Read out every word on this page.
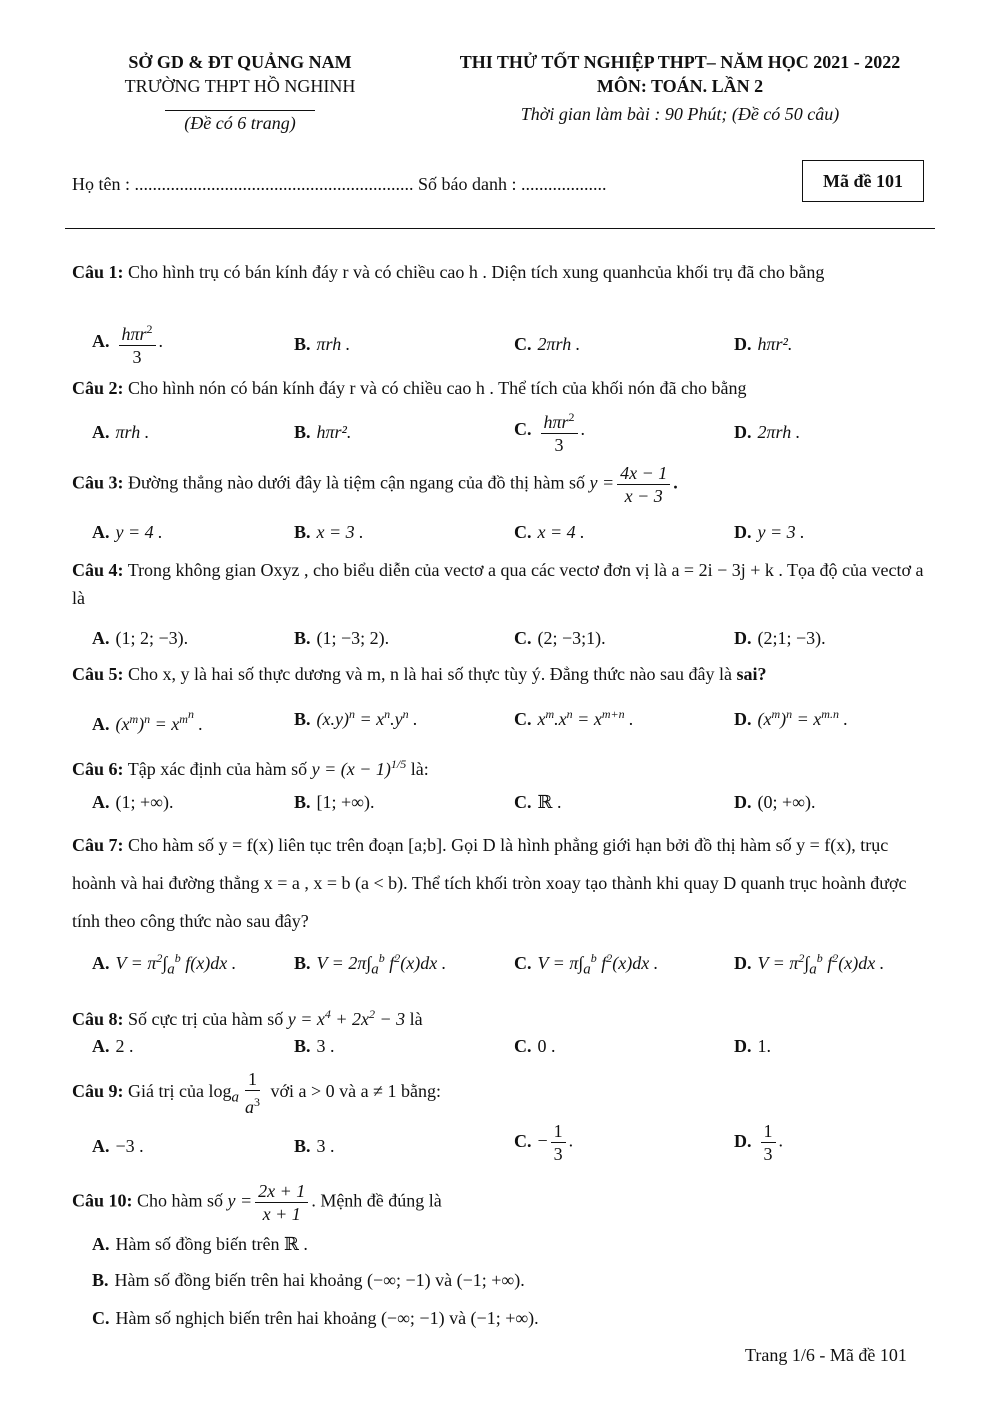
SỞ GD & ĐT QUẢNG NAM
TRƯỜNG THPT HỒ NGHINH
(Đề có 6 trang)
THI THỬ TỐT NGHIỆP THPT– NĂM HỌC 2021 - 2022
MÔN: TOÁN. LẦN 2
Thời gian làm bài : 90 Phút; (Đề có 50 câu)
Họ tên : .............................................................. Số báo danh : ...................	Mã đề 101
Câu 1: Cho hình trụ có bán kính đáy r và có chiều cao h . Diện tích xung quanhcủa khối trụ đã cho bằng
A. $\frac{h\pi r^2}{3}$ .	B. πrh .	C. 2πrh .	D. hπr².
Câu 2: Cho hình nón có bán kính đáy r và có chiều cao h . Thể tích của khối nón đã cho bằng
A. πrh .	B. hπr².	C. $\frac{h\pi r^2}{3}$ .	D. 2πrh .
Câu 3: Đường thẳng nào dưới đây là tiệm cận ngang của đồ thị hàm số $y = \frac{4x - 1}{x - 3}$ .
A. y = 4 .	B. x = 3 .	C. x = 4 .	D. y = 3 .
Câu 4: Trong không gian Oxyz , cho biểu diễn của vectơ a qua các vectơ đơn vị là a = 2i − 3j + k . Tọa độ của vectơ a là
A. (1; 2; −3).	B. (1; −3; 2).	C. (2; −3;1).	D. (2;1; −3).
Câu 5: Cho x, y là hai số thực dương và m, n là hai số thực tùy ý. Đẳng thức nào sau đây là sai?
A. $(x^m)^n = x^{m^n}$ .	B. $(x.y)^n = x^n.y^n$ .	C. $x^m.x^n = x^{m+n}$ .	D. $(x^m)^n = x^{m.n}$ .
Câu 6: Tập xác định của hàm số $y = (x - 1)^{1/5}$ là:
A. (1; +∞).	B. [1; +∞).	C. ℝ .	D. (0; +∞).
Câu 7: Cho hàm số y = f(x) liên tục trên đoạn [a;b]. Gọi D là hình phẳng giới hạn bởi đồ thị hàm số y = f(x), trục hoành và hai đường thẳng x = a , x = b (a < b). Thể tích khối tròn xoay tạo thành khi quay D quanh trục hoành được tính theo công thức nào sau đây?
A. $V = \pi^2\int_a^b$ f(x)dx .	B. $V = 2\pi\int_a^b$ $f^2(x)dx$ .	C. $V = \pi\int_a^b$ $f^2(x)dx$ .	D. $V = \pi^2\int_a^b$ $f^2(x)dx$ .
Câu 8: Số cực trị của hàm số $y = x^4 + 2x^2 - 3$ là
A. 2 .	B. 3 .	C. 0 .	D. 1.
Câu 9: Giá trị của $\log_a \frac{1}{a^3}$ với a > 0 và a ≠ 1 bằng:
A. −3 .	B. 3 .	C. − $\frac{1}{3}$ .	D. $\frac{1}{3}$ .
Câu 10: Cho hàm số $y = \frac{2x + 1}{x + 1}$ . Mệnh đề đúng là
A. Hàm số đồng biến trên ℝ .
B. Hàm số đồng biến trên hai khoảng (−∞; −1) và (−1; +∞).
C. Hàm số nghịch biến trên hai khoảng (−∞; −1) và (−1; +∞).
Trang 1/6 - Mã đề 101
